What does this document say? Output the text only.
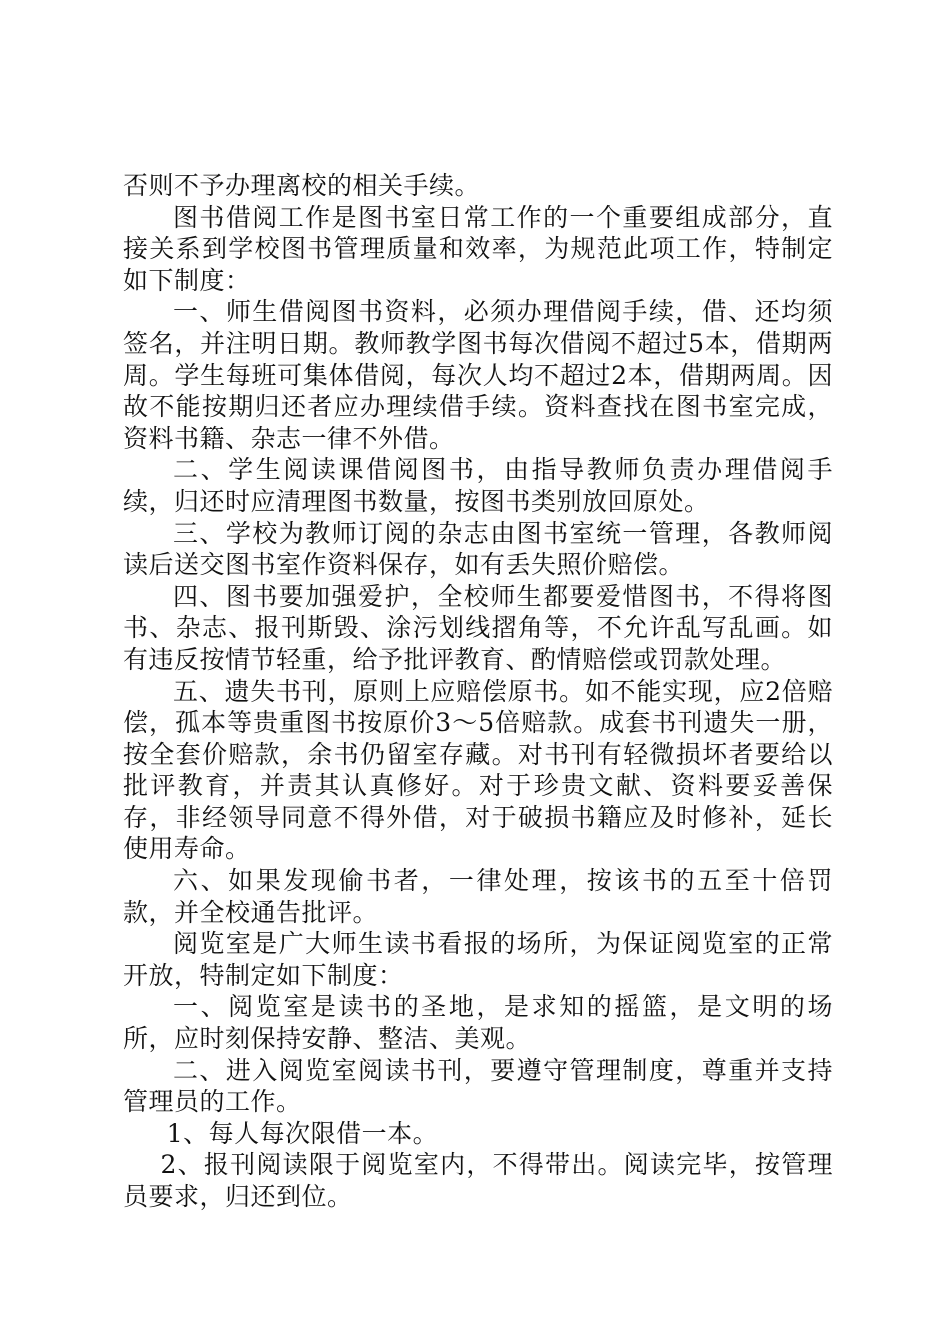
否则不予办理离校的相关手续。

图书借阅工作是图书室日常工作的一个重要组成部分，直接关系到学校图书管理质量和效率，为规范此项工作，特制定如下制度：

一、师生借阅图书资料，必须办理借阅手续，借、还均须签名，并注明日期。教师教学图书每次借阅不超过5本，借期两周。学生每班可集体借阅，每次人均不超过2本，借期两周。因故不能按期归还者应办理续借手续。资料查找在图书室完成，资料书籍、杂志一律不外借。

二、学生阅读课借阅图书，由指导教师负责办理借阅手续，归还时应清理图书数量，按图书类别放回原处。

三、学校为教师订阅的杂志由图书室统一管理，各教师阅读后送交图书室作资料保存，如有丢失照价赔偿。

四、图书要加强爱护，全校师生都要爱惜图书，不得将图书、杂志、报刊斯毁、涂污划线摺角等，不允许乱写乱画。如有违反按情节轻重，给予批评教育、酌情赔偿或罚款处理。

五、遗失书刊，原则上应赔偿原书。如不能实现，应2倍赔偿，孤本等贵重图书按原价3～5倍赔款。成套书刊遗失一册，按全套价赔款，余书仍留室存藏。对书刊有轻微损坏者要给以批评教育，并责其认真修好。对于珍贵文献、资料要妥善保存，非经领导同意不得外借，对于破损书籍应及时修补，延长使用寿命。

六、如果发现偷书者，一律处理，按该书的五至十倍罚款，并全校通告批评。

阅览室是广大师生读书看报的场所，为保证阅览室的正常开放，特制定如下制度：

一、阅览室是读书的圣地，是求知的摇篮，是文明的场所，应时刻保持安静、整洁、美观。

二、进入阅览室阅读书刊，要遵守管理制度，尊重并支持管理员的工作。

1、每人每次限借一本。

2、报刊阅读限于阅览室内，不得带出。阅读完毕，按管理员要求，归还到位。
